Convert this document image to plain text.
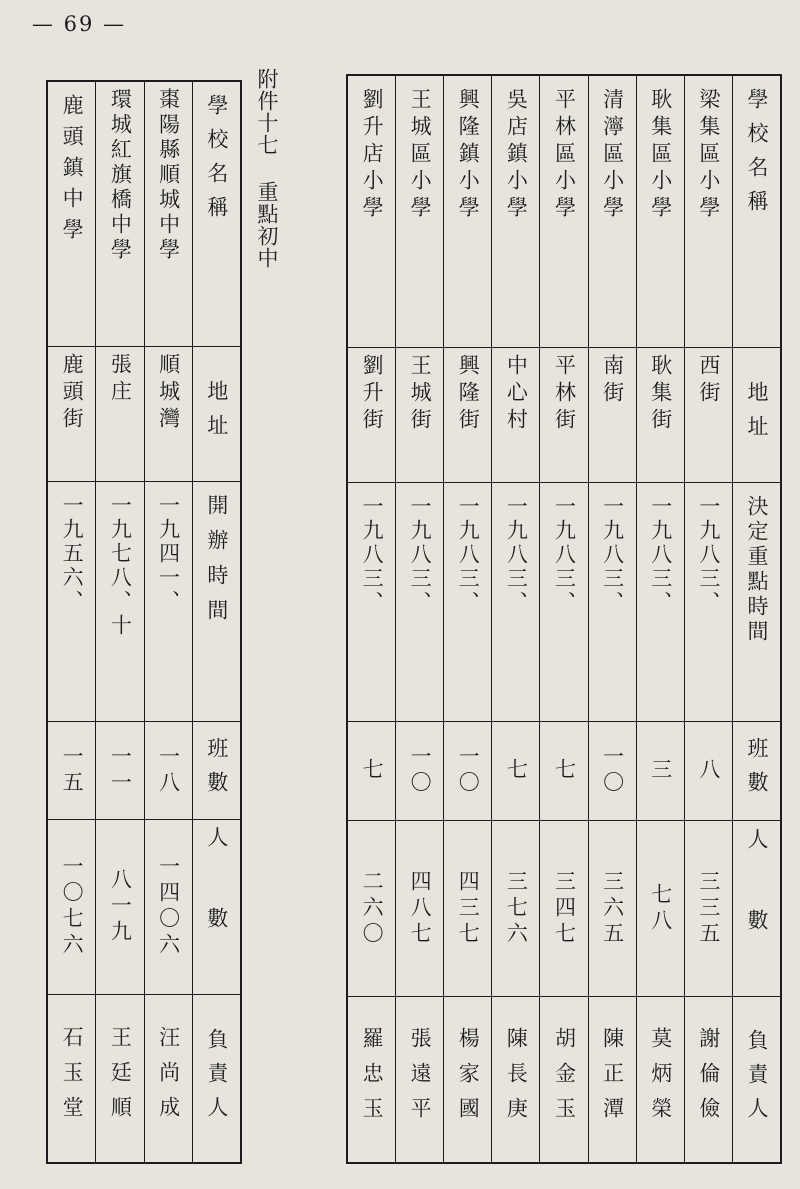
— 69 —
附件十七 重點初中	學校名稱
地址
決定重點時間
班數
人數
負責人
梁集區小學
西街
一九八三、
八
三三五
謝倫儉
耿集區小學
耿集街
一九八三、
三
七八
莫炳榮
清濘區小學
南街
一九八三、
一〇
三六五
陳正潭
平林區小學
平林街
一九八三、
七
三四七
胡金玉
吳店鎮小學
中心村
一九八三、
七
三七六
陳長庚
興隆鎮小學
興隆街
一九八三、
一〇
四三七
楊家國
王城區小學
王城街
一九八三、
一〇
四八七
張遠平
劉升店小學
劉升街
一九八三、
七
二六〇
羅忠玉
學校名稱
地址
開辦時間
班數
人數
負責人
棗陽縣順城中學
順城灣
一九四一、
一八
一四〇六
汪尚成
環城紅旗橋中學
張庄
一九七八、十
一一
八一九
王廷順
鹿頭鎮中學
鹿頭街
一九五六、
一五
一〇七六
石玉堂
